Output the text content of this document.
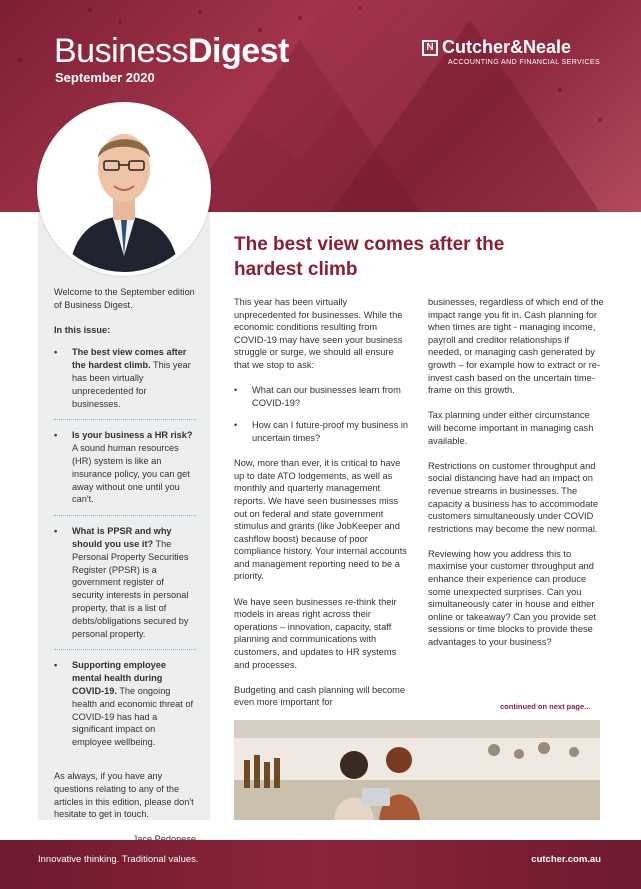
BusinessDigest
September 2020
N Cutcher&Neale
ACCOUNTING AND FINANCIAL SERVICES

Welcome to the September edition of Business Digest.

In this issue:
• The best view comes after the hardest climb. This year has been virtually unprecedented for businesses.
• Is your business a HR risk? A sound human resources (HR) system is like an insurance policy, you can get away without one until you can't.
• What is PPSR and why should you use it? The Personal Property Securities Register (PPSR) is a government register of security interests in personal property, that is a list of debts/obligations secured by personal property.
• Supporting employee mental health during COVID-19. The ongoing health and economic threat of COVID-19 has had a significant impact on employee wellbeing.

As always, if you have any questions relating to any of the articles in this edition, please don't hesitate to get in touch.

The best view comes after the hardest climb

This year has been virtually unprecedented for businesses. While the economic conditions resulting from COVID-19 may have seen your business struggle or surge, we should all ensure that we stop to ask:

• What can our businesses learn from COVID-19?
• How can I future-proof my business in uncertain times?

Now, more than ever, it is critical to have up to date ATO lodgements, as well as monthly and quarterly management reports. We have seen businesses miss out on federal and state government stimulus and grants (like JobKeeper and cashflow boost) because of poor compliance history. Your internal accounts and management reporting need to be a priority.

We have seen businesses re-think their models in areas right across their operations – innovation, capacity, staff planning and communications with customers, and updates to HR systems and processes.

Budgeting and cash planning will become even more important for

businesses, regardless of which end of the impact range you fit in. Cash planning for when times are tight - managing income, payroll and creditor relationships if needed, or managing cash generated by growth – for example how to extract or re-invest cash based on the uncertain time-frame on this growth.

Tax planning under either circumstance will become important in managing cash available.

Restrictions on customer throughput and social distancing have had an impact on revenue streams in businesses. The capacity a business has to accommodate customers simultaneously under COVID restrictions may become the new normal.

Reviewing how you address this to maximise your customer throughput and enhance their experience can produce some unexpected surprises. Can you simultaneously cater in house and either online or takeaway? Can you provide set sessions or time blocks to provide these advantages to your business?

continued on next page...
Innovative thinking. Traditional values.	cutcher.com.au
